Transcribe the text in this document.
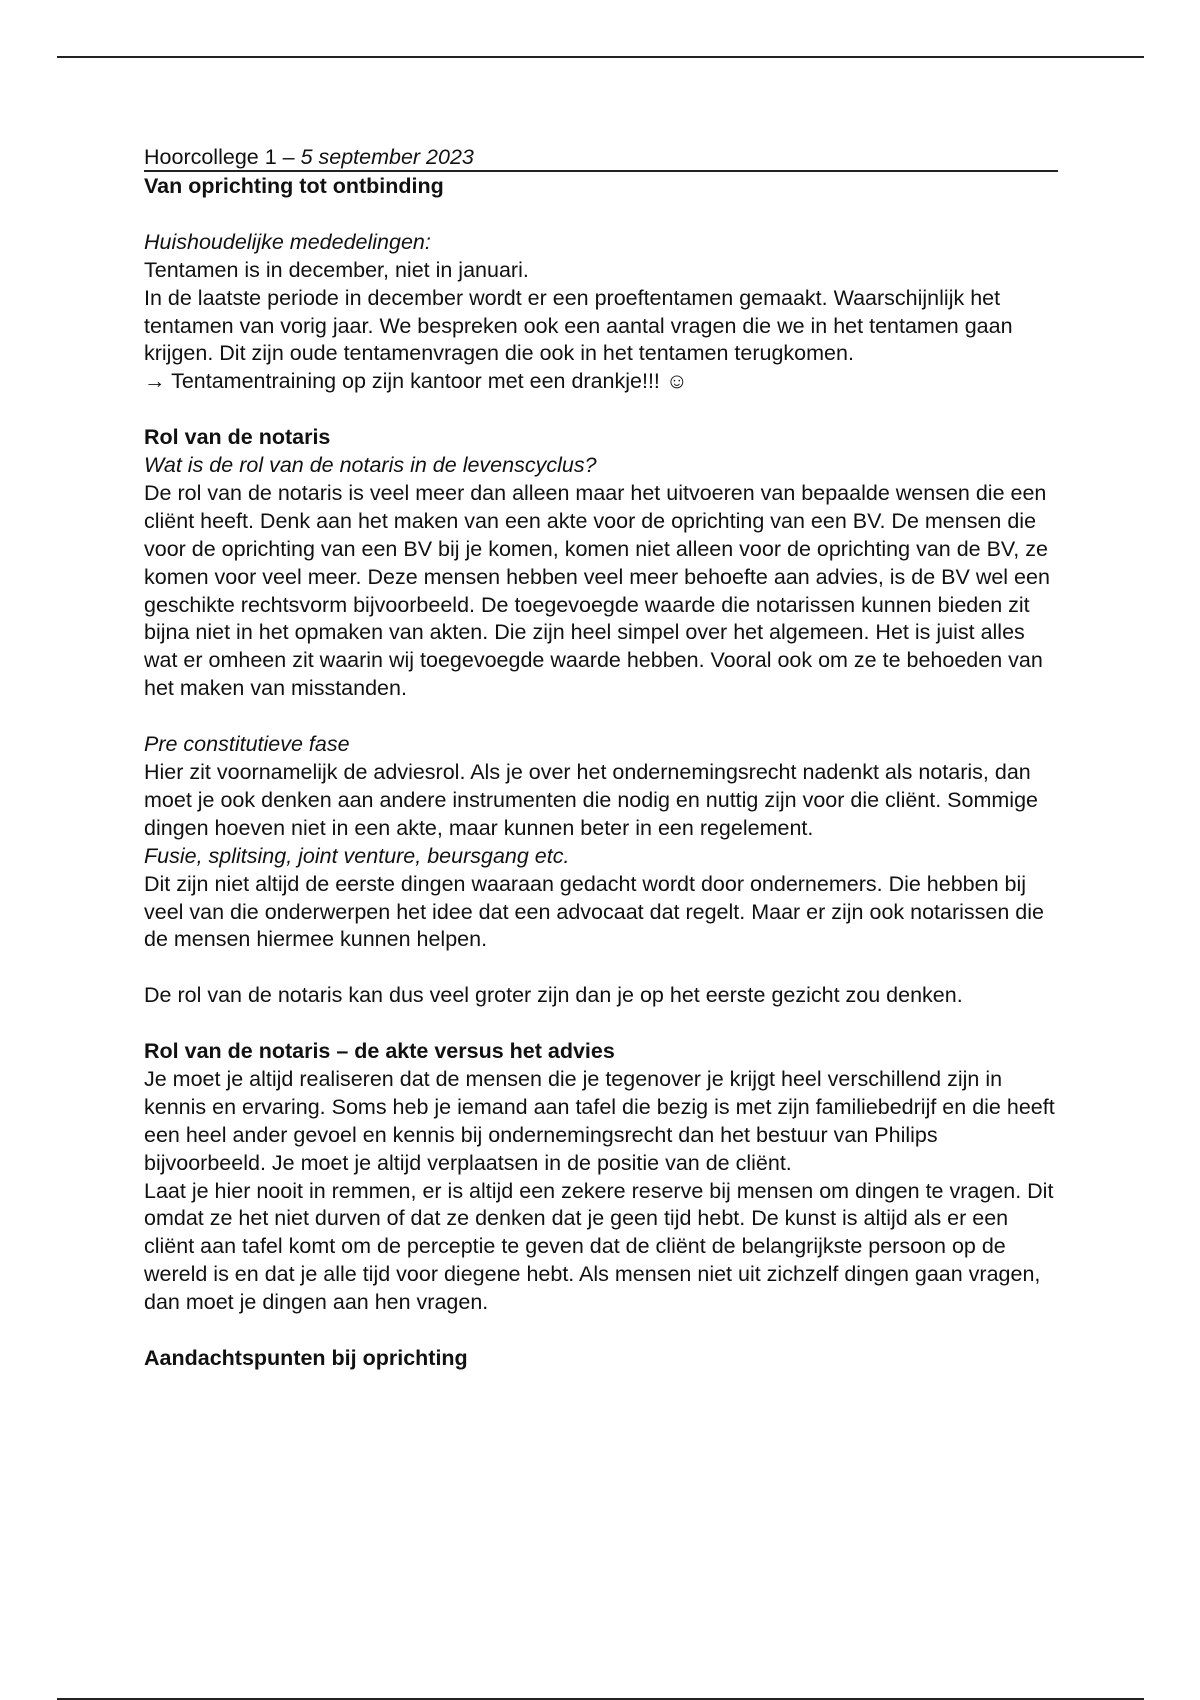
Hoorcollege 1 – 5 september 2023

Van oprichting tot ontbinding

Huishoudelijke mededelingen:

Tentamen is in december, niet in januari.

In de laatste periode in december wordt er een proeftentamen gemaakt. Waarschijnlijk het tentamen van vorig jaar. We bespreken ook een aantal vragen die we in het tentamen gaan krijgen. Dit zijn oude tentamenvragen die ook in het tentamen terugkomen.

→ Tentamentraining op zijn kantoor met een drankje!!! ☺

Rol van de notaris

Wat is de rol van de notaris in de levenscyclus?

De rol van de notaris is veel meer dan alleen maar het uitvoeren van bepaalde wensen die een cliënt heeft. Denk aan het maken van een akte voor de oprichting van een BV. De mensen die voor de oprichting van een BV bij je komen, komen niet alleen voor de oprichting van de BV, ze komen voor veel meer. Deze mensen hebben veel meer behoefte aan advies, is de BV wel een geschikte rechtsvorm bijvoorbeeld. De toegevoegde waarde die notarissen kunnen bieden zit bijna niet in het opmaken van akten. Die zijn heel simpel over het algemeen. Het is juist alles wat er omheen zit waarin wij toegevoegde waarde hebben. Vooral ook om ze te behoeden van het maken van misstanden.

Pre constitutieve fase

Hier zit voornamelijk de adviesrol. Als je over het ondernemingsrecht nadenkt als notaris, dan moet je ook denken aan andere instrumenten die nodig en nuttig zijn voor die cliënt. Sommige dingen hoeven niet in een akte, maar kunnen beter in een regelement.

Fusie, splitsing, joint venture, beursgang etc.

Dit zijn niet altijd de eerste dingen waaraan gedacht wordt door ondernemers. Die hebben bij veel van die onderwerpen het idee dat een advocaat dat regelt. Maar er zijn ook notarissen die de mensen hiermee kunnen helpen.

De rol van de notaris kan dus veel groter zijn dan je op het eerste gezicht zou denken.

Rol van de notaris – de akte versus het advies

Je moet je altijd realiseren dat de mensen die je tegenover je krijgt heel verschillend zijn in kennis en ervaring. Soms heb je iemand aan tafel die bezig is met zijn familiebedrijf en die heeft een heel ander gevoel en kennis bij ondernemingsrecht dan het bestuur van Philips bijvoorbeeld. Je moet je altijd verplaatsen in de positie van de cliënt.

Laat je hier nooit in remmen, er is altijd een zekere reserve bij mensen om dingen te vragen. Dit omdat ze het niet durven of dat ze denken dat je geen tijd hebt. De kunst is altijd als er een cliënt aan tafel komt om de perceptie te geven dat de cliënt de belangrijkste persoon op de wereld is en dat je alle tijd voor diegene hebt. Als mensen niet uit zichzelf dingen gaan vragen, dan moet je dingen aan hen vragen.

Aandachtspunten bij oprichting
